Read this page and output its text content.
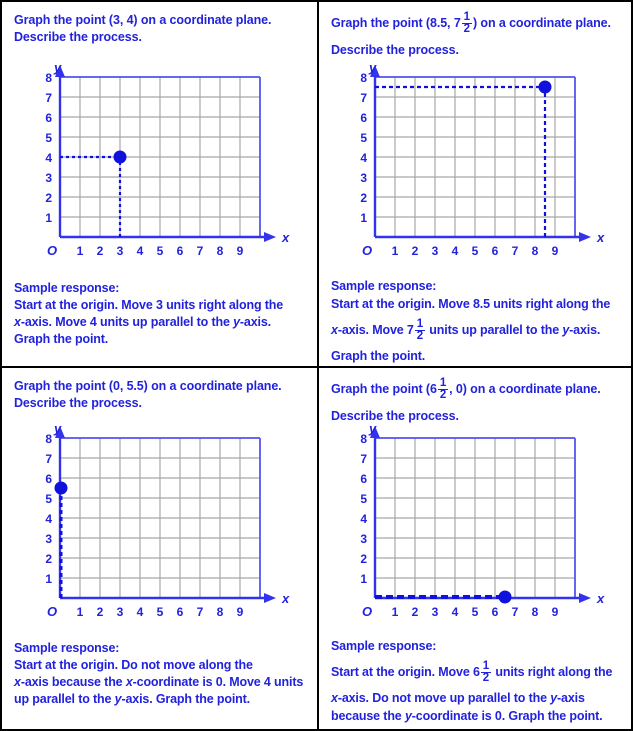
Graph the point (3, 4) on a coordinate plane.
Describe the process.
1 2 3 4 5 6 7 8 9
1
2
3
4
5
6
7
8
O
x
y
Sample response:
Start at the origin. Move 3 units right along the
x-axis. Move 4 units up parallel to the y-axis.
Graph the point.
Graph the point (8.5, $7 \frac{1}{2}$ ) on a coordinate plane.
Describe the process.
1 2 3 4 5 6 7 8 9
1
2
3
4
5
6
7
8
O
x
y
Sample response:
Start at the origin. Move 8.5 units right along the
x-axis. Move $7 \frac{1}{2}$ units up parallel to the y-axis.
Graph the point.
Graph the point (0, 5.5) on a coordinate plane.
Describe the process.
1 2 3 4 5 6 7 8 9
1
2
3
4
5
6
7
8
O
x
y
Sample response:
Start at the origin. Do not move along the
x-axis because the x-coordinate is 0. Move 4 units
up parallel to the y-axis. Graph the point.
Graph the point ( $6 \frac{1}{2}$ , 0) on a coordinate plane.
Describe the process.
1 2 3 4 5 6 7 8 9
1
2
3
4
5
6
7
8
O
x
y
Sample response:
Start at the origin. Move $6 \frac{1}{2}$ units right along the
x-axis. Do not move up parallel to the y-axis
because the y-coordinate is 0. Graph the point.
